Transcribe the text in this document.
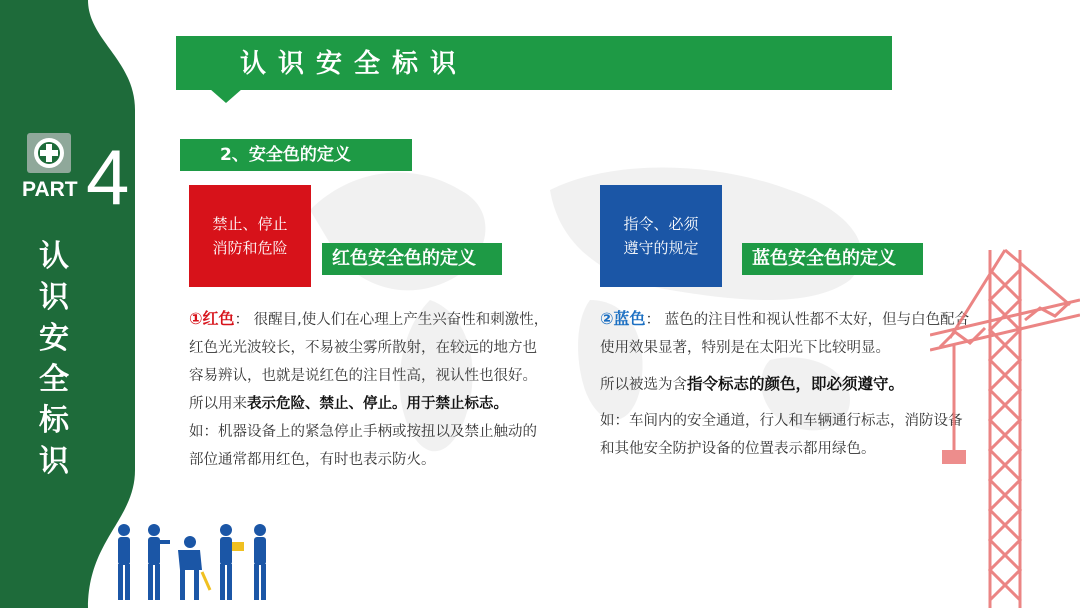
PART 4
认
识
安
全
标
识
认识安全标识
2、安全色的定义
禁止、停止
消防和危险	红色安全色的定义

①红色： 很醒目,使人们在心理上产生兴奋性和刺激性，红色光光波较长，不易被尘雾所散射，在较远的地方也容易辨认，也就是说红色的注目性高，视认性也很好。所以用来表示危险、禁止、停止。用于禁止标志。

如：机器设备上的紧急停止手柄或按扭以及禁止触动的部位通常都用红色，有时也表示防火。

指令、必须
遵守的规定	蓝色安全色的定义

②蓝色： 蓝色的注目性和视认性都不太好，但与白色配合使用效果显著，特别是在太阳光下比较明显。

所以被选为含指令标志的颜色，即必须遵守。

如：车间内的安全通道，行人和车辆通行标志，消防设备和其他安全防护设备的位置表示都用绿色。
